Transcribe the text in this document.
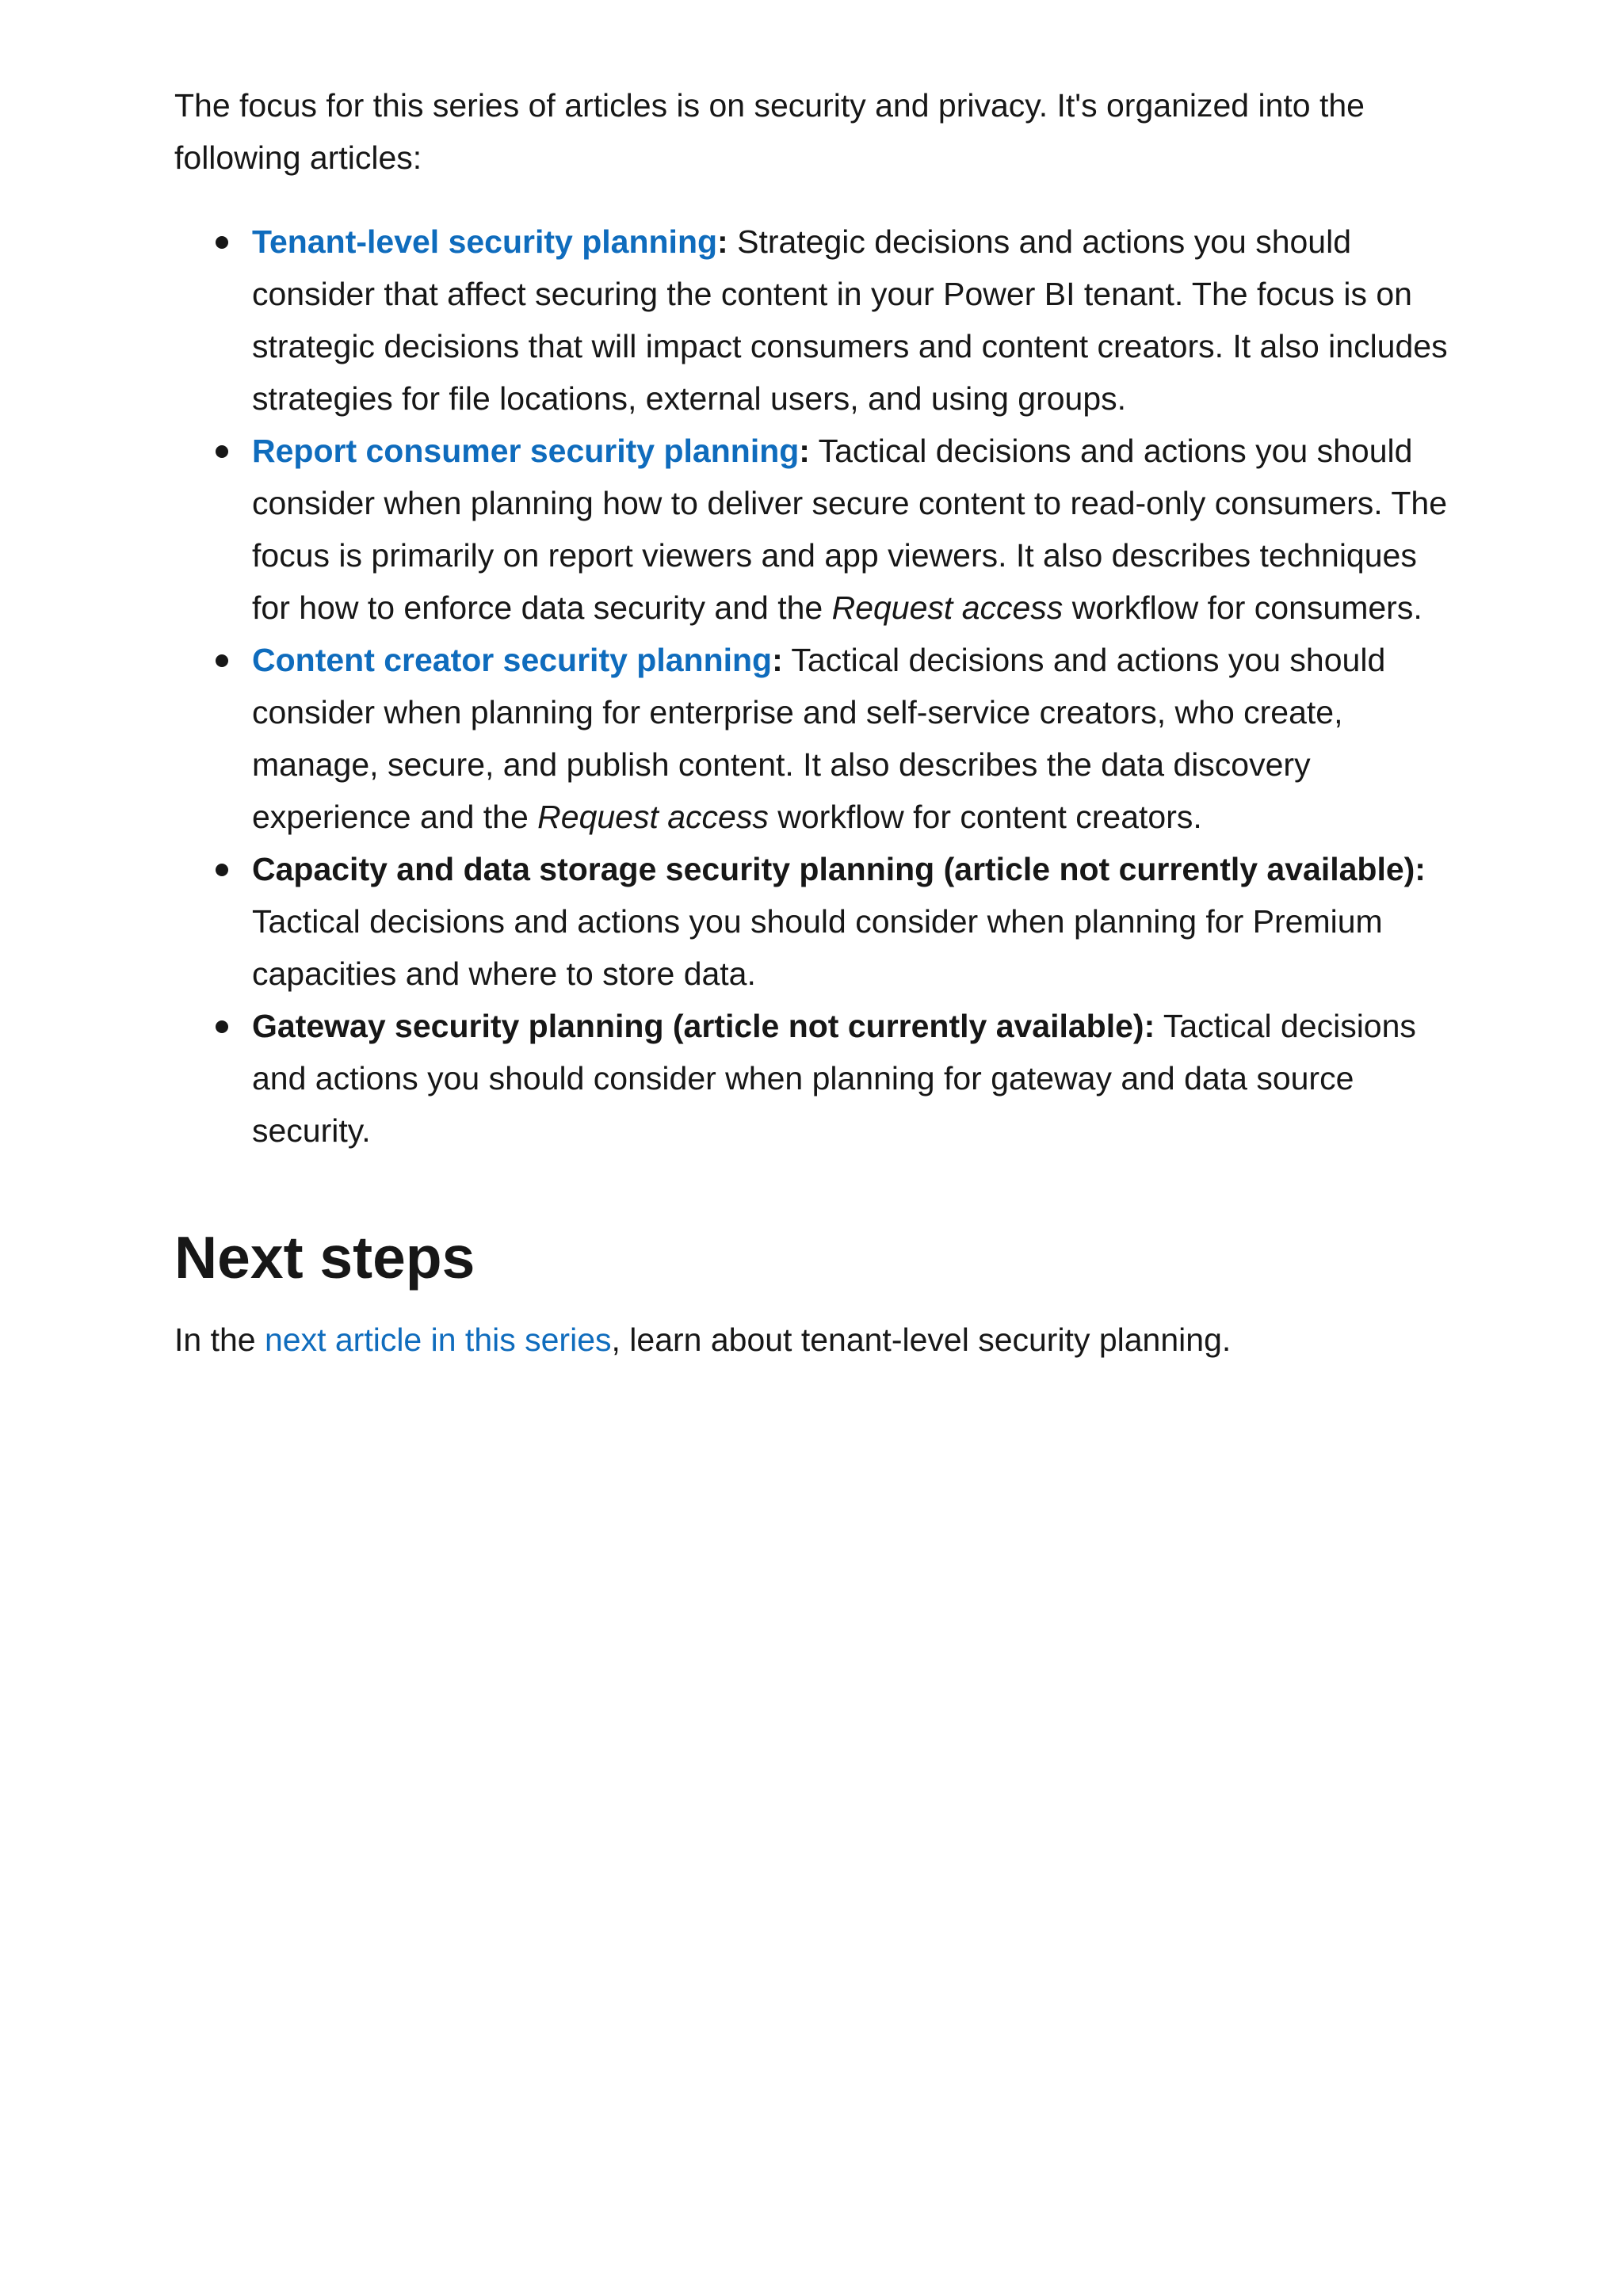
The focus for this series of articles is on security and privacy. It's organized into the following articles:

Tenant-level security planning: Strategic decisions and actions you should consider that affect securing the content in your Power BI tenant. The focus is on strategic decisions that will impact consumers and content creators. It also includes strategies for file locations, external users, and using groups.
Report consumer security planning: Tactical decisions and actions you should consider when planning how to deliver secure content to read-only consumers. The focus is primarily on report viewers and app viewers. It also describes techniques for how to enforce data security and the Request access workflow for consumers.
Content creator security planning: Tactical decisions and actions you should consider when planning for enterprise and self-service creators, who create, manage, secure, and publish content. It also describes the data discovery experience and the Request access workflow for content creators.
Capacity and data storage security planning (article not currently available): Tactical decisions and actions you should consider when planning for Premium capacities and where to store data.
Gateway security planning (article not currently available): Tactical decisions and actions you should consider when planning for gateway and data source security.
Next steps

In the next article in this series, learn about tenant-level security planning.
